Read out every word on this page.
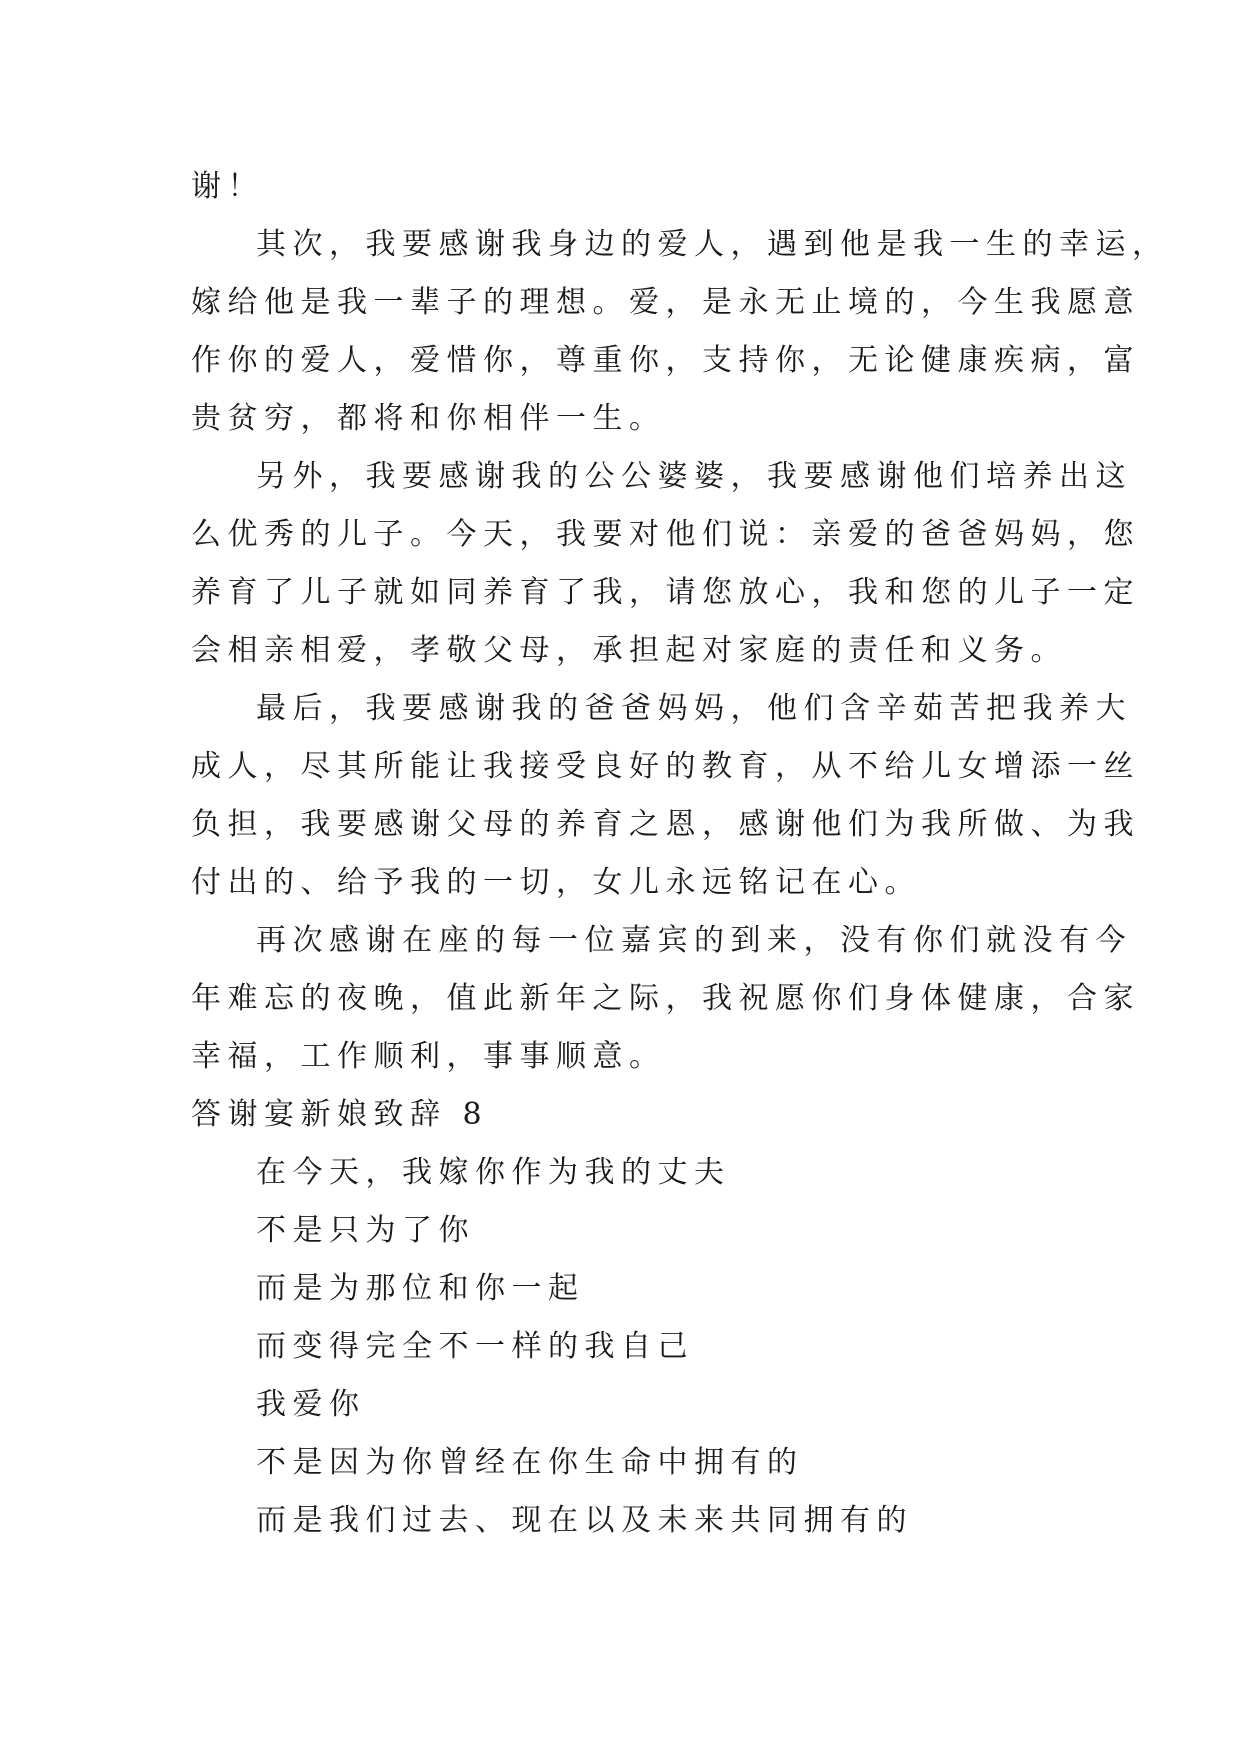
谢！
其次，我要感谢我身边的爱人，遇到他是我一生的幸运，
嫁给他是我一辈子的理想。爱，是永无止境的，今生我愿意
作你的爱人，爱惜你，尊重你，支持你，无论健康疾病，富
贵贫穷，都将和你相伴一生。
另外，我要感谢我的公公婆婆，我要感谢他们培养出这
么优秀的儿子。今天，我要对他们说：亲爱的爸爸妈妈，您
养育了儿子就如同养育了我，请您放心，我和您的儿子一定
会相亲相爱，孝敬父母，承担起对家庭的责任和义务。
最后，我要感谢我的爸爸妈妈，他们含辛茹苦把我养大
成人，尽其所能让我接受良好的教育，从不给儿女增添一丝
负担，我要感谢父母的养育之恩，感谢他们为我所做、为我
付出的、给予我的一切，女儿永远铭记在心。
再次感谢在座的每一位嘉宾的到来，没有你们就没有今
年难忘的夜晚，值此新年之际，我祝愿你们身体健康，合家
幸福，工作顺利，事事顺意。
答谢宴新娘致辞 8
在今天，我嫁你作为我的丈夫
不是只为了你
而是为那位和你一起
而变得完全不一样的我自己
我爱你
不是因为你曾经在你生命中拥有的
而是我们过去、现在以及未来共同拥有的
